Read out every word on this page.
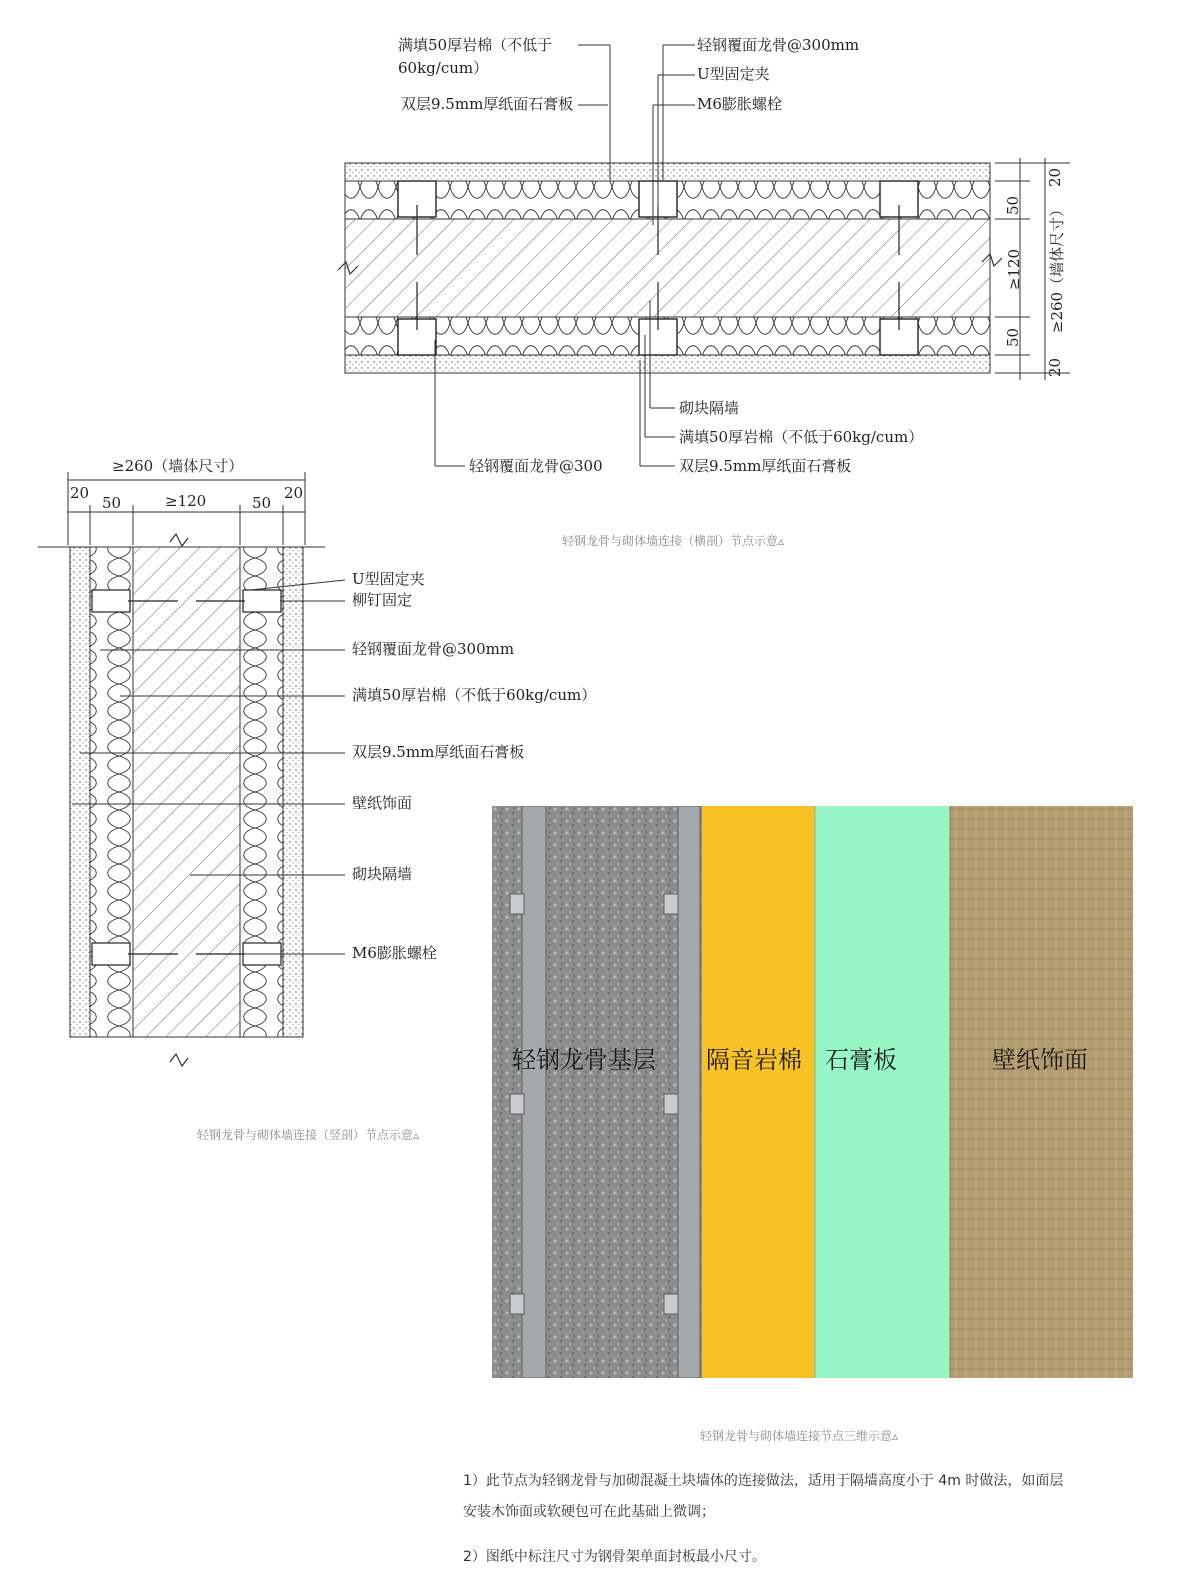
满填50厚岩棉（不低于
60kg/cum）
双层9.5mm厚纸面石膏板
轻钢覆面龙骨@300mm
U型固定夹
M6膨胀螺栓
砌块隔墙
满填50厚岩棉（不低于60kg/cum）
双层9.5mm厚纸面石膏板
轻钢覆面龙骨@300
20
50
≥120
50
20
≥260（墙体尺寸）
轻钢龙骨与砌体墙连接（横剖）节点示意▵
≥260（墙体尺寸）
20
50	≥120	50
20
U型固定夹
柳钉固定
轻钢覆面龙骨@300mm
满填50厚岩棉（不低于60kg/cum）
双层9.5mm厚纸面石膏板
壁纸饰面
砌块隔墙
M6膨胀螺栓
轻钢龙骨与砌体墙连接（竖剖）节点示意▵
轻钢龙骨基层 隔音岩棉 石膏板	壁纸饰面
轻钢龙骨与砌体墙连接节点三维示意▵
1）此节点为轻钢龙骨与加砌混凝土块墙体的连接做法，适用于隔墙高度小于 4m 时做法，如面层
安装木饰面或软硬包可在此基础上微调；
2）图纸中标注尺寸为钢骨架单面封板最小尺寸。
